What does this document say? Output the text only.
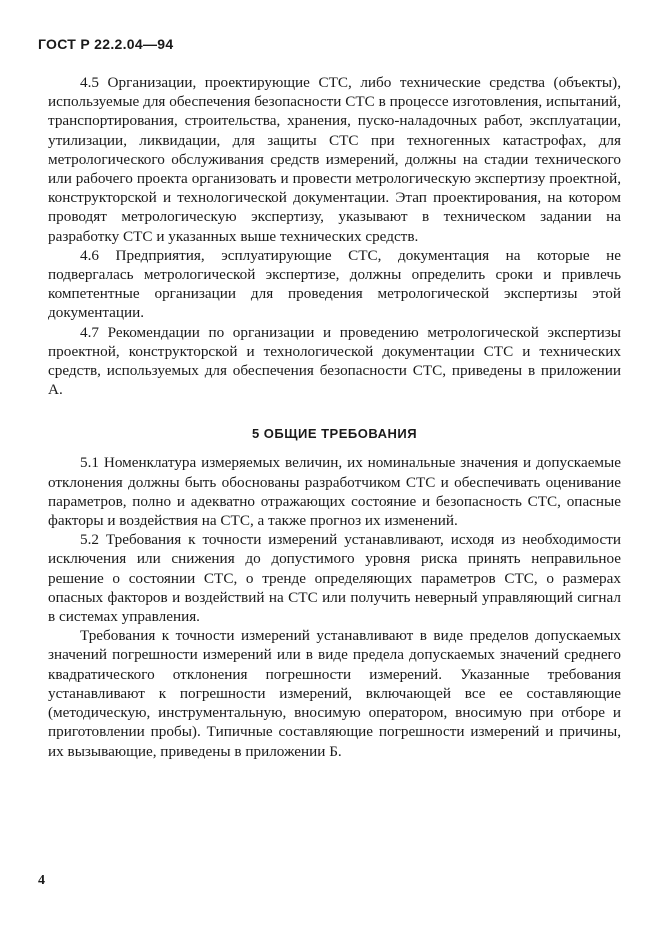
ГОСТ Р 22.2.04—94

4.5 Организации, проектирующие СТС, либо технические средства (объекты), используемые для обеспечения безопасности СТС в процессе изготовления, испытаний, транспортирования, строительства, хранения, пуско-наладочных работ, эксплуатации, утилизации, ликвидации, для защиты СТС при техногенных катастрофах, для метрологического обслуживания средств измерений, должны на стадии технического или рабочего проекта организовать и провести метрологическую экспертизу проектной, конструкторской и технологической документации. Этап проектирования, на котором проводят метрологическую экспертизу, указывают в техническом задании на разработку СТС и указанных выше технических средств.

4.6 Предприятия, эсплуатирующие СТС, документация на которые не подвергалась метрологической экспертизе, должны определить сроки и привлечь компетентные организации для проведения метрологической экспертизы этой документации.

4.7 Рекомендации по организации и проведению метрологической экспертизы проектной, конструкторской и технологической документации СТС и технических средств, используемых для обеспечения безопасности СТС, приведены в приложении А.

5 ОБЩИЕ ТРЕБОВАНИЯ

5.1 Номенклатура измеряемых величин, их номинальные значения и допускаемые отклонения должны быть обоснованы разработчиком СТС и обеспечивать оценивание параметров, полно и адекватно отражающих состояние и безопасность СТС, опасные факторы и воздействия на СТС, а также прогноз их изменений.

5.2 Требования к точности измерений устанавливают, исходя из необходимости исключения или снижения до допустимого уровня риска принять неправильное решение о состоянии СТС, о тренде определяющих параметров СТС, о размерах опасных факторов и воздействий на СТС или получить неверный управляющий сигнал в системах управления.

Требования к точности измерений устанавливают в виде пределов допускаемых значений погрешности измерений или в виде предела допускаемых значений среднего квадратического отклонения погрешности измерений. Указанные требования устанавливают к погрешности измерений, включающей все ее составляющие (методическую, инструментальную, вносимую оператором, вносимую при отборе и приготовлении пробы). Типичные составляющие погрешности измерений и причины, их вызывающие, приведены в приложении Б.

4
